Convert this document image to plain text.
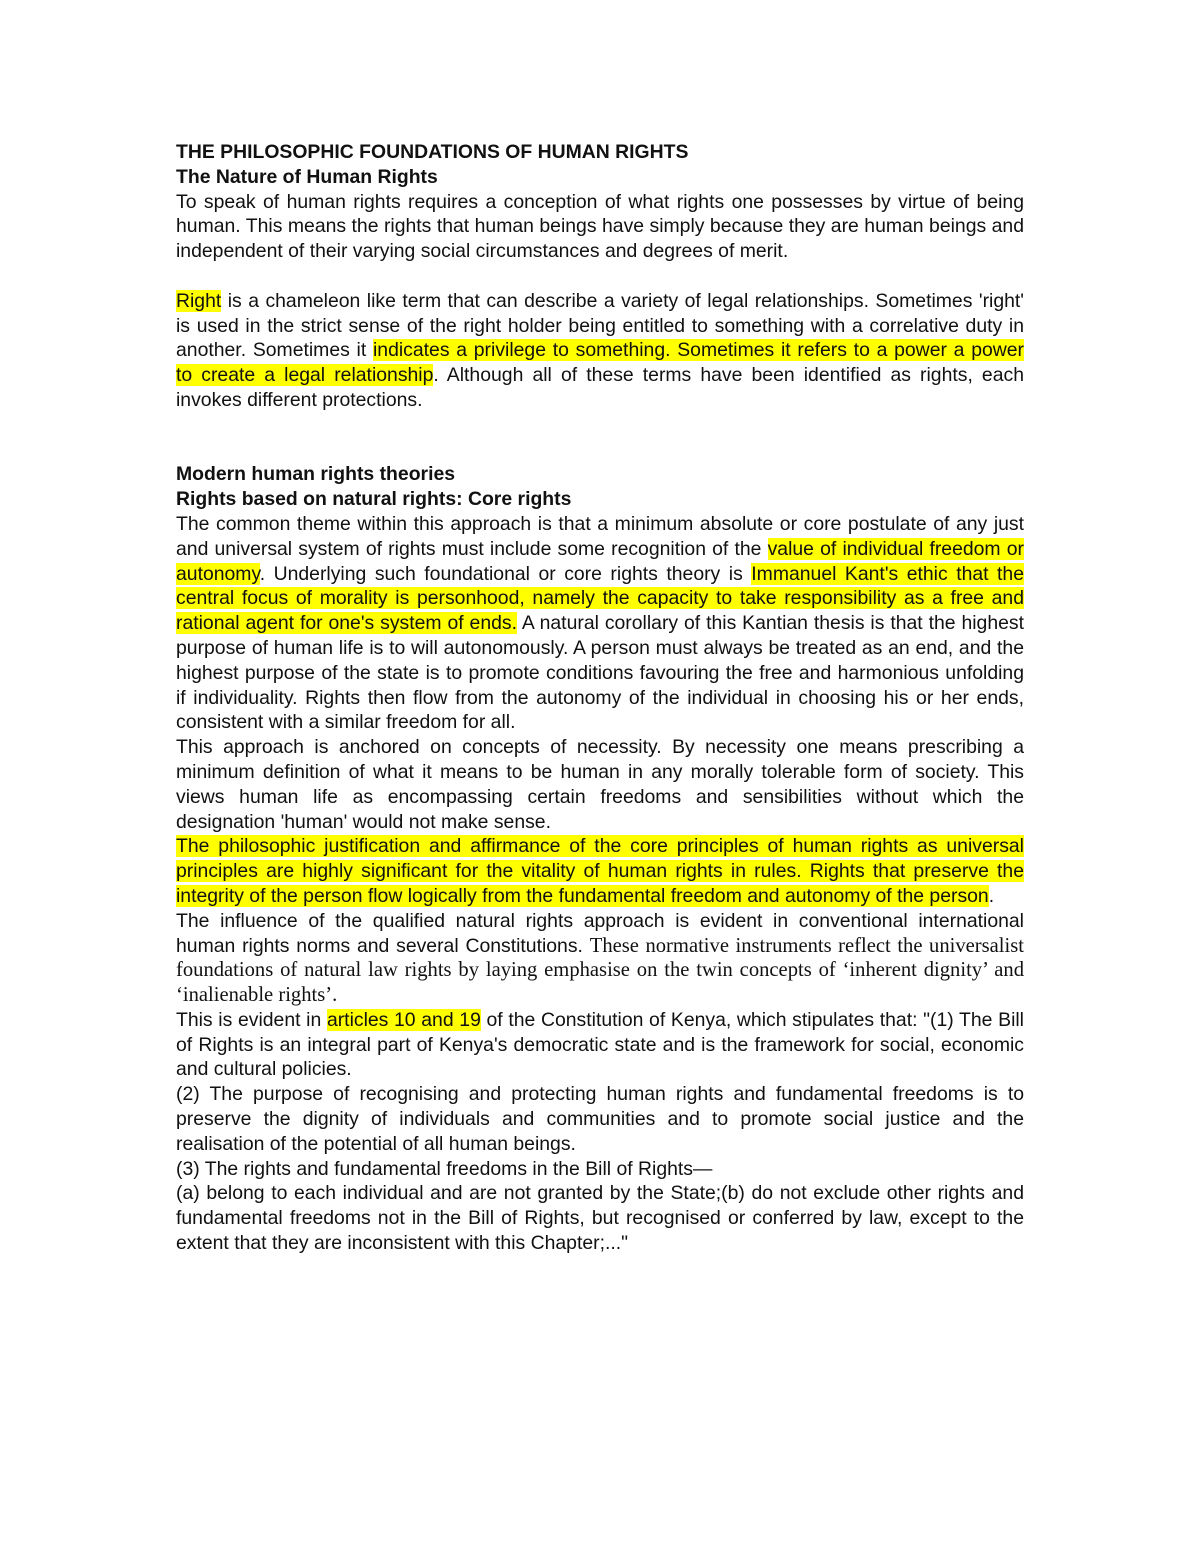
THE PHILOSOPHIC FOUNDATIONS OF HUMAN RIGHTS

The Nature of Human Rights

To speak of human rights requires a conception of what rights one possesses by virtue of being human. This means the rights that human beings have simply because they are human beings and independent of their varying social circumstances and degrees of merit.

Right is a chameleon like term that can describe a variety of legal relationships. Sometimes 'right' is used in the strict sense of the right holder being entitled to something with a correlative duty in another. Sometimes it indicates a privilege to something. Sometimes it refers to a power a power to create a legal relationship. Although all of these terms have been identified as rights, each invokes different protections.

Modern human rights theories

Rights based on natural rights: Core rights

The common theme within this approach is that a minimum absolute or core postulate of any just and universal system of rights must include some recognition of the value of individual freedom or autonomy. Underlying such foundational or core rights theory is Immanuel Kant's ethic that the central focus of morality is personhood, namely the capacity to take responsibility as a free and rational agent for one's system of ends. A natural corollary of this Kantian thesis is that the highest purpose of human life is to will autonomously. A person must always be treated as an end, and the highest purpose of the state is to promote conditions favouring the free and harmonious unfolding if individuality. Rights then flow from the autonomy of the individual in choosing his or her ends, consistent with a similar freedom for all.

This approach is anchored on concepts of necessity. By necessity one means prescribing a minimum definition of what it means to be human in any morally tolerable form of society. This views human life as encompassing certain freedoms and sensibilities without which the designation 'human' would not make sense.

The philosophic justification and affirmance of the core principles of human rights as universal principles are highly significant for the vitality of human rights in rules. Rights that preserve the integrity of the person flow logically from the fundamental freedom and autonomy of the person.

The influence of the qualified natural rights approach is evident in conventional international human rights norms and several Constitutions. These normative instruments reflect the universalist foundations of natural law rights by laying emphasise on the twin concepts of ‘inherent dignity’ and ‘inalienable rights’.

This is evident in articles 10 and 19 of the Constitution of Kenya, which stipulates that: "(1) The Bill of Rights is an integral part of Kenya's democratic state and is the framework for social, economic and cultural policies.

(2) The purpose of recognising and protecting human rights and fundamental freedoms is to preserve the dignity of individuals and communities and to promote social justice and the realisation of the potential of all human beings.

(3) The rights and fundamental freedoms in the Bill of Rights—

(a) belong to each individual and are not granted by the State;(b) do not exclude other rights and fundamental freedoms not in the Bill of Rights, but recognised or conferred by law, except to the extent that they are inconsistent with this Chapter;..."
